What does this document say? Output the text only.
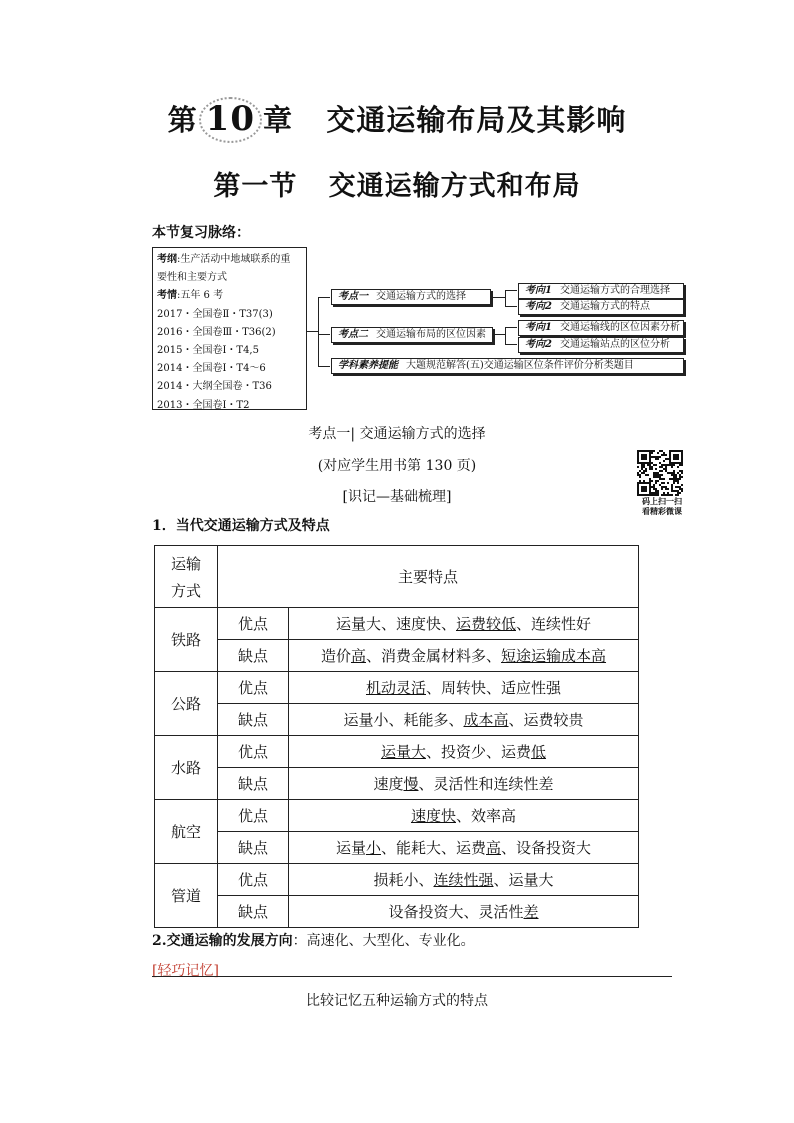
第 10 章 交通运输布局及其影响
第一节 交通运输方式和布局
本节复习脉络：
考纲:生产活动中地域联系的重
要性和主要方式
考情:五年 6 考
2017・全国卷Ⅱ・T37(3)
2016・全国卷Ⅲ・T36(2)
2015・全国卷Ⅰ・T4,5
2014・全国卷Ⅰ・T4～6
2014・大纲全国卷・T36
2013・全国卷Ⅰ・T2
考点一 交通运输方式的选择
考向1 交通运输方式的合理选择
考向2 交通运输方式的特点
考点二 交通运输布局的区位因素
考向1 交通运输线的区位因素分析
考向2 交通运输站点的区位分析
学科素养提能 大题规范解答(五)交通运输区位条件评价分析类题目
考点一| 交通运输方式的选择
(对应学生用书第 130 页)
[识记—基础梳理]	码上扫一扫
看精彩微课
1．当代交通运输方式及特点
运输
方式	主要特点	
铁路	优点	运量大、速度快、运费较低、连续性好
	缺点	造价高、消费金属材料多、短途运输成本高
公路	优点	机动灵活、周转快、适应性强
	缺点	运量小、耗能多、成本高、运费较贵
水路	优点	运量大、投资少、运费低
	缺点	速度慢、灵活性和连续性差
航空	优点	速度快、效率高
	缺点	运量小、能耗大、运费高、设备投资大
管道	优点	损耗小、连续性强、运量大
	缺点	设备投资大、灵活性差
2.交通运输的发展方向：高速化、大型化、专业化。
[轻巧记忆]
比较记忆五种运输方式的特点
